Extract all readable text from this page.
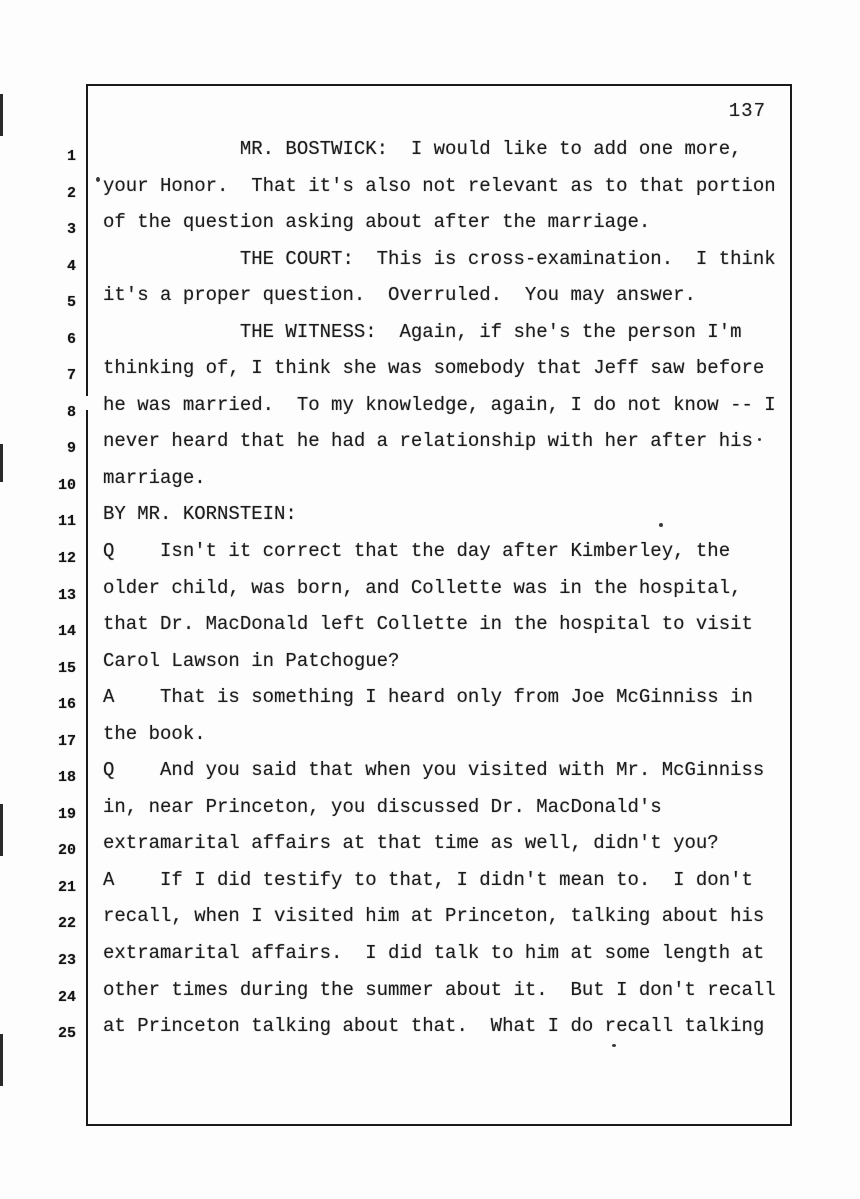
1
2
3
4
5
6
7
8
9
10
11
12
13
14
15
16
17
18
19
20
21
22
23
24
25
137
MR. BOSTWICK:  I would like to add one more,
your Honor.  That it's also not relevant as to that portion
of the question asking about after the marriage.
THE COURT:  This is cross-examination.  I think
it's a proper question.  Overruled.  You may answer.
THE WITNESS:  Again, if she's the person I'm
thinking of, I think she was somebody that Jeff saw before
he was married.  To my knowledge, again, I do not know -- I
never heard that he had a relationship with her after his
marriage.
BY MR. KORNSTEIN:
Q    Isn't it correct that the day after Kimberley, the
older child, was born, and Collette was in the hospital,
that Dr. MacDonald left Collette in the hospital to visit
Carol Lawson in Patchogue?
A    That is something I heard only from Joe McGinniss in
the book.
Q    And you said that when you visited with Mr. McGinniss
in, near Princeton, you discussed Dr. MacDonald's
extramarital affairs at that time as well, didn't you?
A    If I did testify to that, I didn't mean to.  I don't
recall, when I visited him at Princeton, talking about his
extramarital affairs.  I did talk to him at some length at
other times during the summer about it.  But I don't recall
at Princeton talking about that.  What I do recall talking
